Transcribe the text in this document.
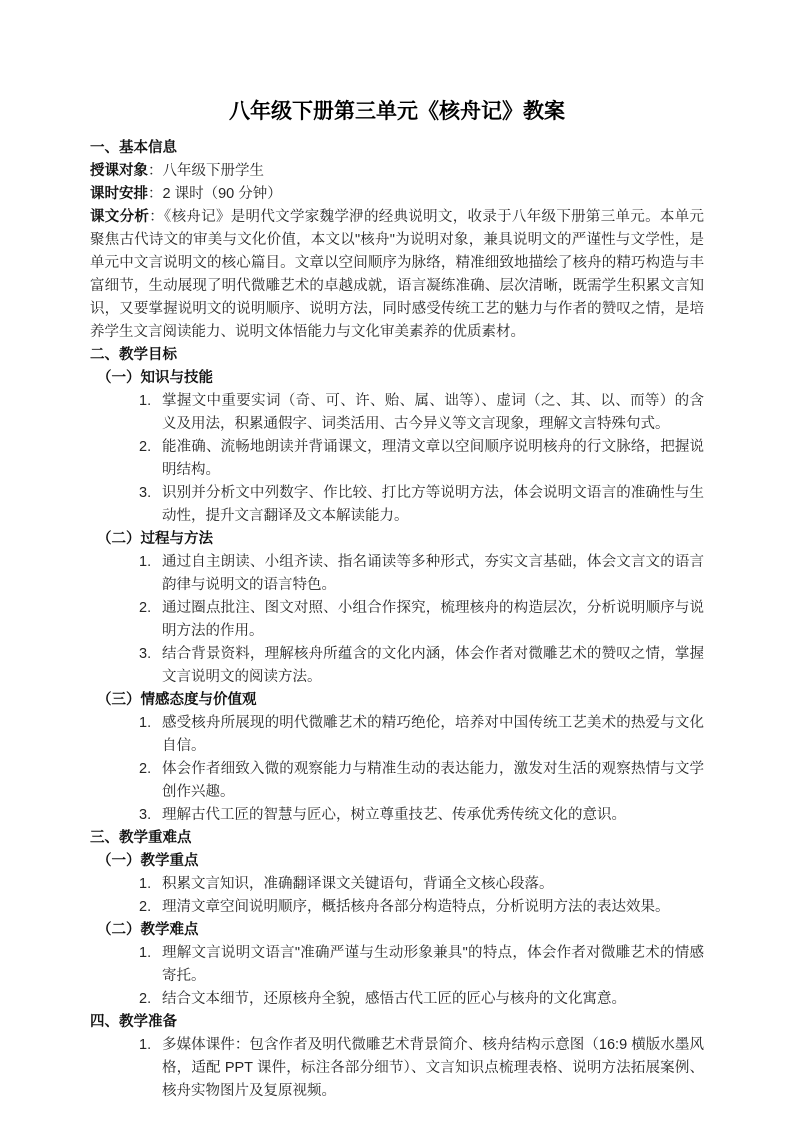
八年级下册第三单元《核舟记》教案
一、基本信息
授课对象：八年级下册学生
课时安排：2 课时（90 分钟）
课文分析：《核舟记》是明代文学家魏学洢的经典说明文，收录于八年级下册第三单元。本单元聚焦古代诗文的审美与文化价值，本文以"核舟"为说明对象，兼具说明文的严谨性与文学性，是单元中文言说明文的核心篇目。文章以空间顺序为脉络，精准细致地描绘了核舟的精巧构造与丰富细节，生动展现了明代微雕艺术的卓越成就，语言凝练准确、层次清晰，既需学生积累文言知识，又要掌握说明文的说明顺序、说明方法，同时感受传统工艺的魅力与作者的赞叹之情，是培养学生文言阅读能力、说明文体悟能力与文化审美素养的优质素材。
二、教学目标
（一）知识与技能
1. 掌握文中重要实词（奇、可、许、贻、属、诎等）、虚词（之、其、以、而等）的含义及用法，积累通假字、词类活用、古今异义等文言现象，理解文言特殊句式。
2. 能准确、流畅地朗读并背诵课文，理清文章以空间顺序说明核舟的行文脉络，把握说明结构。
3. 识别并分析文中列数字、作比较、打比方等说明方法，体会说明文语言的准确性与生动性，提升文言翻译及文本解读能力。
（二）过程与方法
1. 通过自主朗读、小组齐读、指名诵读等多种形式，夯实文言基础，体会文言文的语言韵律与说明文的语言特色。
2. 通过圈点批注、图文对照、小组合作探究，梳理核舟的构造层次，分析说明顺序与说明方法的作用。
3. 结合背景资料，理解核舟所蕴含的文化内涵，体会作者对微雕艺术的赞叹之情，掌握文言说明文的阅读方法。
（三）情感态度与价值观
1. 感受核舟所展现的明代微雕艺术的精巧绝伦，培养对中国传统工艺美术的热爱与文化自信。
2. 体会作者细致入微的观察能力与精准生动的表达能力，激发对生活的观察热情与文学创作兴趣。
3. 理解古代工匠的智慧与匠心，树立尊重技艺、传承优秀传统文化的意识。
三、教学重难点
（一）教学重点
1. 积累文言知识，准确翻译课文关键语句，背诵全文核心段落。
2. 理清文章空间说明顺序，概括核舟各部分构造特点，分析说明方法的表达效果。
（二）教学难点
1. 理解文言说明文语言"准确严谨与生动形象兼具"的特点，体会作者对微雕艺术的情感寄托。
2. 结合文本细节，还原核舟全貌，感悟古代工匠的匠心与核舟的文化寓意。
四、教学准备
1. 多媒体课件：包含作者及明代微雕艺术背景简介、核舟结构示意图（16:9 横版水墨风格，适配 PPT 课件，标注各部分细节）、文言知识点梳理表格、说明方法拓展案例、核舟实物图片及复原视频。
